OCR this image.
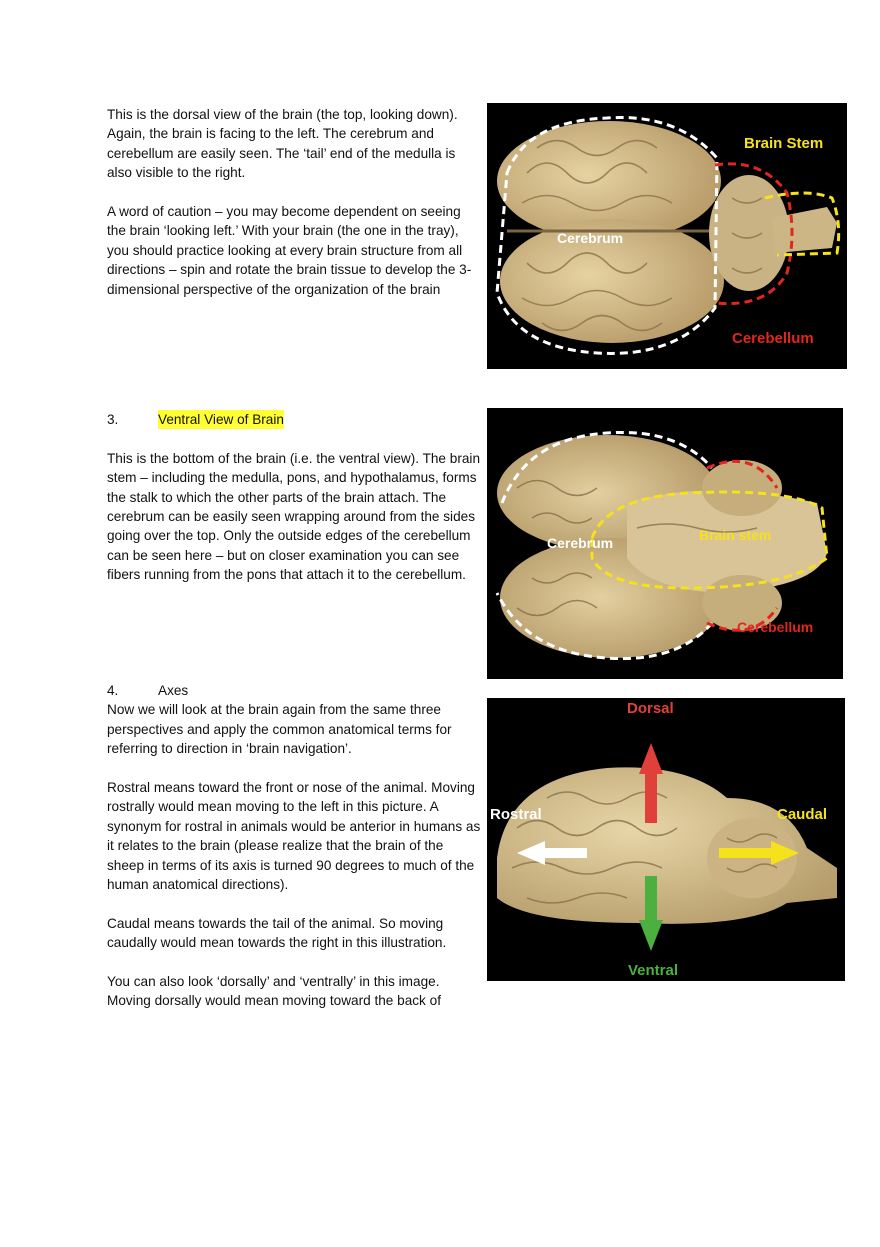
This is the dorsal view of the brain (the top, looking down). Again, the brain is facing to the left. The cerebrum and cerebellum are easily seen. The ‘tail’ end of the medulla is also visible to the right.

A word of caution – you may become dependent on seeing the brain ‘looking left.’ With your brain (the one in the tray), you should practice looking at every brain structure from all directions – spin and rotate the brain tissue to develop the 3-dimensional perspective of the organization of the brain

Brain Stem
Cerebrum
Cerebellum
3.	Ventral View of Brain

This is the bottom of the brain (i.e. the ventral view). The brain stem – including the medulla, pons, and hypothalamus, forms the stalk to which the other parts of the brain attach. The cerebrum can be easily seen wrapping around from the sides going over the top. Only the outside edges of the cerebellum can be seen here – but on closer examination you can see fibers running from the pons that attach it to the cerebellum.

Cerebrum	Brain stem
Cerebellum
4.	Axes

Now we will look at the brain again from the same three perspectives and apply the common anatomical terms for referring to direction in ‘brain navigation’.

Rostral means toward the front or nose of the animal. Moving rostrally would mean moving to the left in this picture. A synonym for rostral in animals would be anterior in humans as it relates to the brain (please realize that the brain of the sheep in terms of its axis is turned 90 degrees to much of the human anatomical directions).

Caudal means towards the tail of the animal. So moving caudally would mean towards the right in this illustration.

You can also look ‘dorsally’ and ‘ventrally’ in this image. Moving dorsally would mean moving toward the back of

Dorsal
Rostral	Caudal
Ventral
